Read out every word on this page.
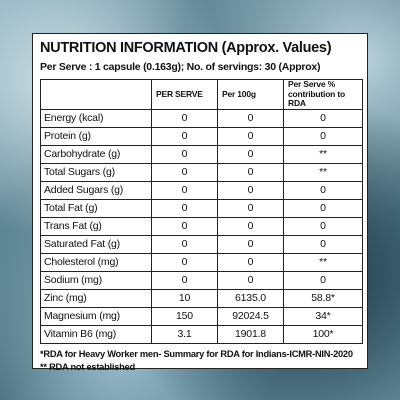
NUTRITION INFORMATION (Approx. Values)
Per Serve : 1 capsule (0.163g); No. of servings: 30 (Approx)
	PER SERVE	Per 100g	Per Serve % contribution to RDA
Energy (kcal)	0	0	0
Protein (g)	0	0	0
Carbohydrate (g)	0	0	**
Total Sugars (g)	0	0	**
Added Sugars (g)	0	0	0
Total Fat (g)	0	0	0
Trans Fat (g)	0	0	0
Saturated Fat (g)	0	0	0
Cholesterol (mg)	0	0	**
Sodium (mg)	0	0	0
Zinc (mg)	10	6135.0	58.8*
Magnesium (mg)	150	92024.5	34*
Vitamin B6 (mg)	3.1	1901.8	100*
*RDA for Heavy Worker men- Summary for RDA for Indians-ICMR-NIN-2020
** RDA not established
